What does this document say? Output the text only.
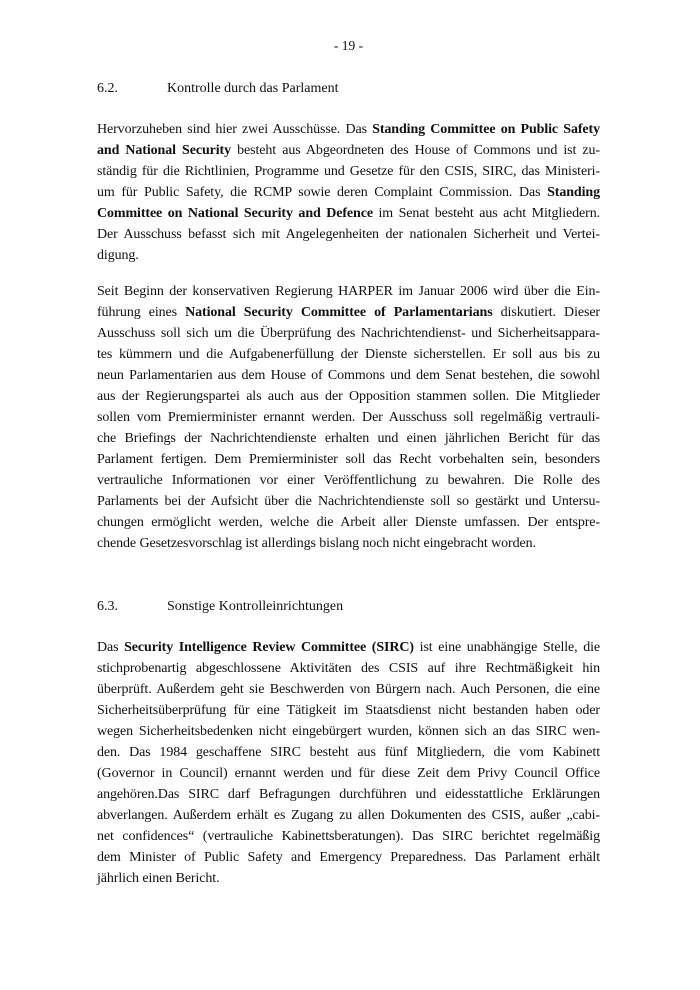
- 19 -
6.2.	Kontrolle durch das Parlament
Hervorzuheben sind hier zwei Ausschüsse. Das Standing Committee on Public Safety
and National Security besteht aus Abgeordneten des House of Commons und ist zu-
ständig für die Richtlinien, Programme und Gesetze für den CSIS, SIRC, das Ministeri-
um für Public Safety, die RCMP sowie deren Complaint Commission. Das Standing
Committee on National Security and Defence im Senat besteht aus acht Mitgliedern.
Der Ausschuss befasst sich mit Angelegenheiten der nationalen Sicherheit und Vertei-
digung.
Seit Beginn der konservativen Regierung HARPER im Januar 2006 wird über die Ein-
führung eines National Security Committee of Parlamentarians diskutiert. Dieser
Ausschuss soll sich um die Überprüfung des Nachrichtendienst- und Sicherheitsappara-
tes kümmern und die Aufgabenerfüllung der Dienste sicherstellen. Er soll aus bis zu
neun Parlamentarien aus dem House of Commons und dem Senat bestehen, die sowohl
aus der Regierungspartei als auch aus der Opposition stammen sollen. Die Mitglieder
sollen vom Premierminister ernannt werden. Der Ausschuss soll regelmäßig vertrauli-
che Briefings der Nachrichtendienste erhalten und einen jährlichen Bericht für das
Parlament fertigen. Dem Premierminister soll das Recht vorbehalten sein, besonders
vertrauliche Informationen vor einer Veröffentlichung zu bewahren. Die Rolle des
Parlaments bei der Aufsicht über die Nachrichtendienste soll so gestärkt und Untersu-
chungen ermöglicht werden, welche die Arbeit aller Dienste umfassen. Der entspre-
chende Gesetzesvorschlag ist allerdings bislang noch nicht eingebracht worden.
6.3.	Sonstige Kontrolleinrichtungen
Das Security Intelligence Review Committee (SIRC) ist eine unabhängige Stelle, die
stichprobenartig abgeschlossene Aktivitäten des CSIS auf ihre Rechtmäßigkeit hin
überprüft. Außerdem geht sie Beschwerden von Bürgern nach. Auch Personen, die eine
Sicherheitsüberprüfung für eine Tätigkeit im Staatsdienst nicht bestanden haben oder
wegen Sicherheitsbedenken nicht eingebürgert wurden, können sich an das SIRC wen-
den. Das 1984 geschaffene SIRC besteht aus fünf Mitgliedern, die vom Kabinett
(Governor in Council) ernannt werden und für diese Zeit dem Privy Council Office
angehören.Das SIRC darf Befragungen durchführen und eidesstattliche Erklärungen
abverlangen. Außerdem erhält es Zugang zu allen Dokumenten des CSIS, außer „cabi-
net confidences“ (vertrauliche Kabinettsberatungen). Das SIRC berichtet regelmäßig
dem Minister of Public Safety and Emergency Preparedness. Das Parlament erhält
jährlich einen Bericht.
